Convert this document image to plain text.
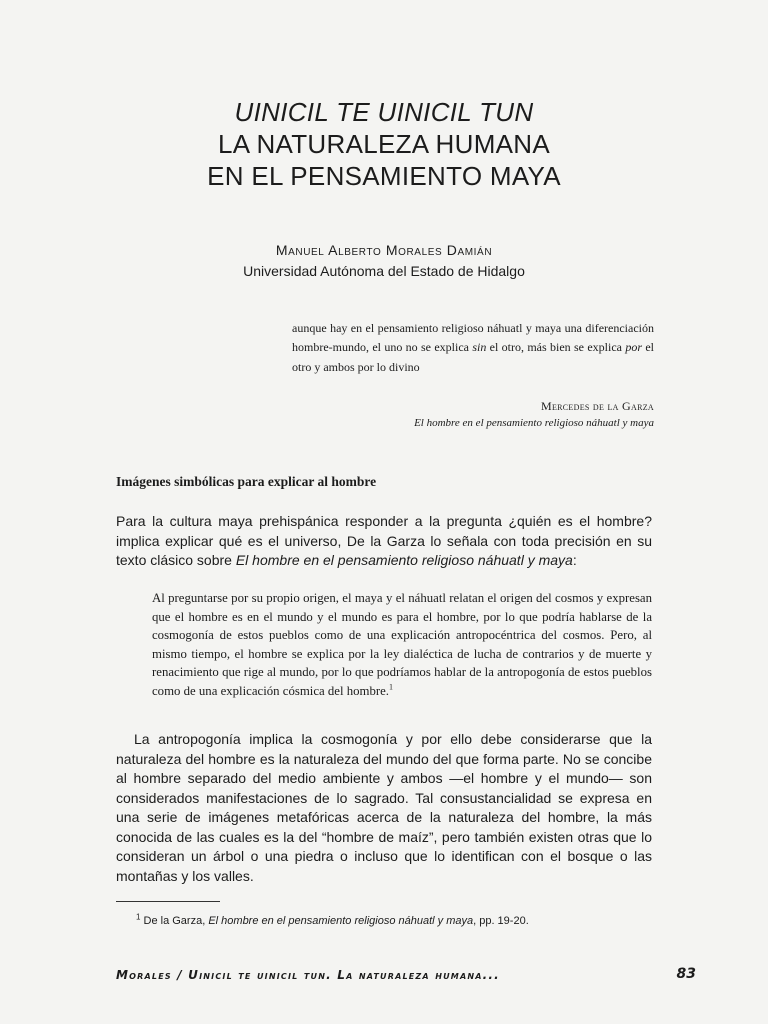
UINICIL TE UINICIL TUN
LA NATURALEZA HUMANA
EN EL PENSAMIENTO MAYA
Manuel Alberto Morales Damián
Universidad Autónoma del Estado de Hidalgo

aunque hay en el pensamiento religioso náhuatl y maya una diferenciación hombre-mundo, el uno no se explica sin el otro, más bien se explica por el otro y ambos por lo divino

Mercedes de la Garza
El hombre en el pensamiento religioso náhuatl y maya
Imágenes simbólicas para explicar al hombre

Para la cultura maya prehispánica responder a la pregunta ¿quién es el hombre? implica explicar qué es el universo, De la Garza lo señala con toda precisión en su texto clásico sobre El hombre en el pensamiento religioso náhuatl y maya:

Al preguntarse por su propio origen, el maya y el náhuatl relatan el origen del cosmos y expresan que el hombre es en el mundo y el mundo es para el hombre, por lo que podría hablarse de la cosmogonía de estos pueblos como de una explicación antropocéntrica del cosmos. Pero, al mismo tiempo, el hombre se explica por la ley dialéctica de lucha de contrarios y de muerte y renacimiento que rige al mundo, por lo que podríamos hablar de la antropogonía de estos pueblos como de una explicación cósmica del hombre.$^1$

La antropogonía implica la cosmogonía y por ello debe considerarse que la naturaleza del hombre es la naturaleza del mundo del que forma parte. No se concibe al hombre separado del medio ambiente y ambos —el hombre y el mundo— son considerados manifestaciones de lo sagrado. Tal consustancialidad se expresa en una serie de imágenes metafóricas acerca de la naturaleza del hombre, la más conocida de las cuales es la del “hombre de maíz”, pero también existen otras que lo consideran un árbol o una piedra o incluso que lo identifican con el bosque o las montañas y los valles.

$^1$ De la Garza, El hombre en el pensamiento religioso náhuatl y maya, pp. 19-20.
Morales / Uinicil te uinicil tun. La naturaleza humana...	83
